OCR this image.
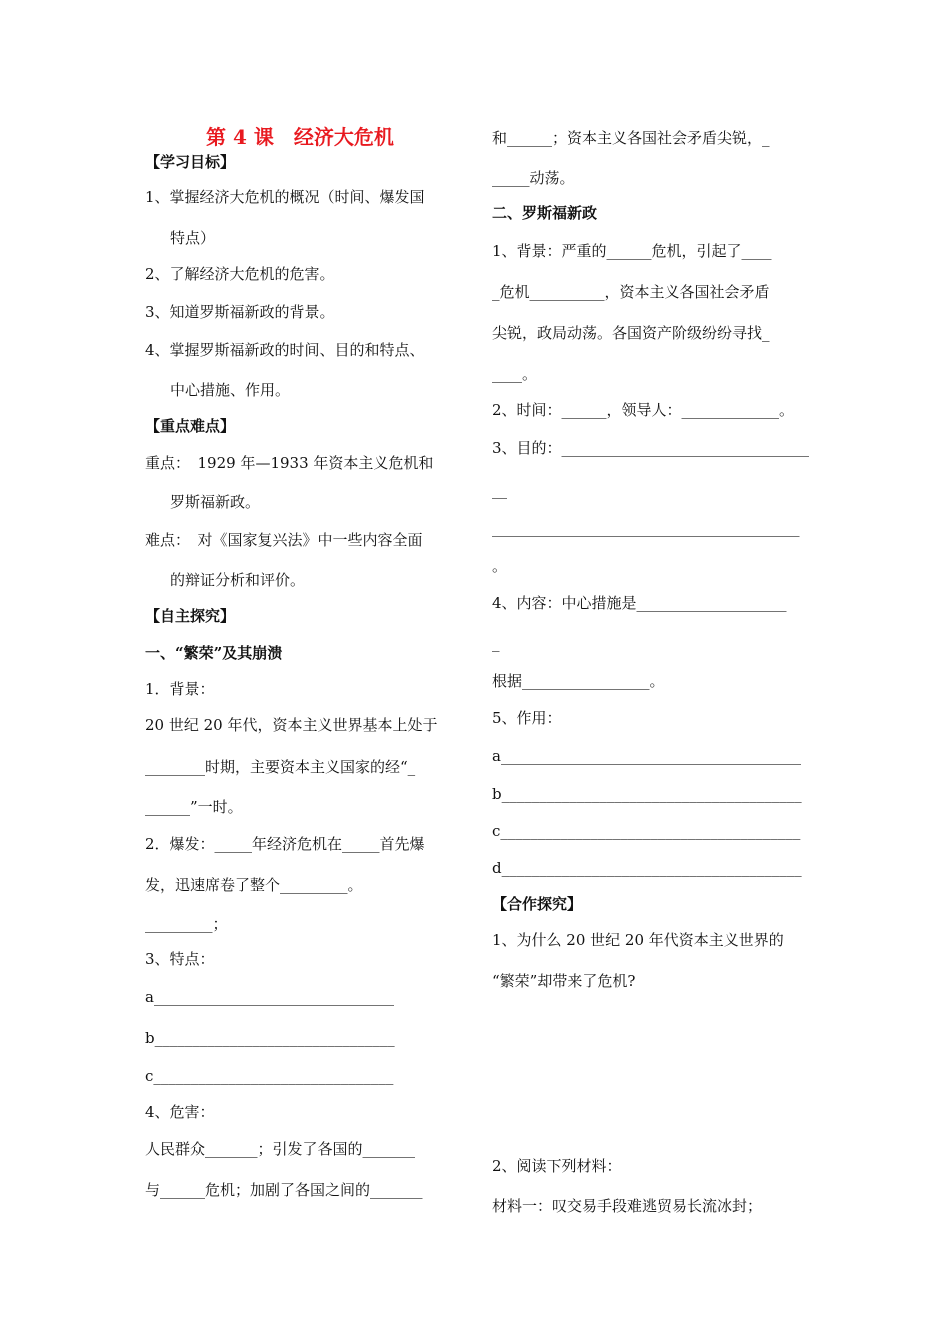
第 4 课　经济大危机
【学习目标】
1、掌握经济大危机的概况（时间、爆发国
特点）
2、了解经济大危机的危害。
3、知道罗斯福新政的背景。
4、掌握罗斯福新政的时间、目的和特点、
中心措施、作用。
【重点难点】
重点：　1929 年—1933 年资本主义危机和
罗斯福新政。
难点：　对《国家复兴法》中一些内容全面
的辩证分析和评价。
【自主探究】
一、“繁荣”及其崩溃
1．背景：
20 世纪 20 年代，资本主义世界基本上处于
________时期，主要资本主义国家的经“_
______”一时。
2．爆发：_____年经济危机在_____首先爆
发，迅速席卷了整个_________。
_________；
3、特点：
a________________________________
b________________________________
c________________________________
4、危害：
人民群众_______；引发了各国的_______
与______危机；加剧了各国之间的_______
和______；资本主义各国社会矛盾尖锐，_
_____动荡。
二、罗斯福新政
1、背景：严重的______危机，引起了____
_危机__________，资本主义各国社会矛盾
尖锐，政局动荡。各国资产阶级纷纷寻找_
____。
2、时间：______，领导人：_____________。
3、目的：_________________________________
__
_________________________________________
。
4、内容：中心措施是____________________
_
根据_________________。
5、作用：
a________________________________________
b________________________________________
c________________________________________
d________________________________________
【合作探究】
1、为什么 20 世纪 20 年代资本主义世界的
“繁荣”却带来了危机?
2、阅读下列材料：
材料一：叹交易手段难逃贸易长流冰封；
